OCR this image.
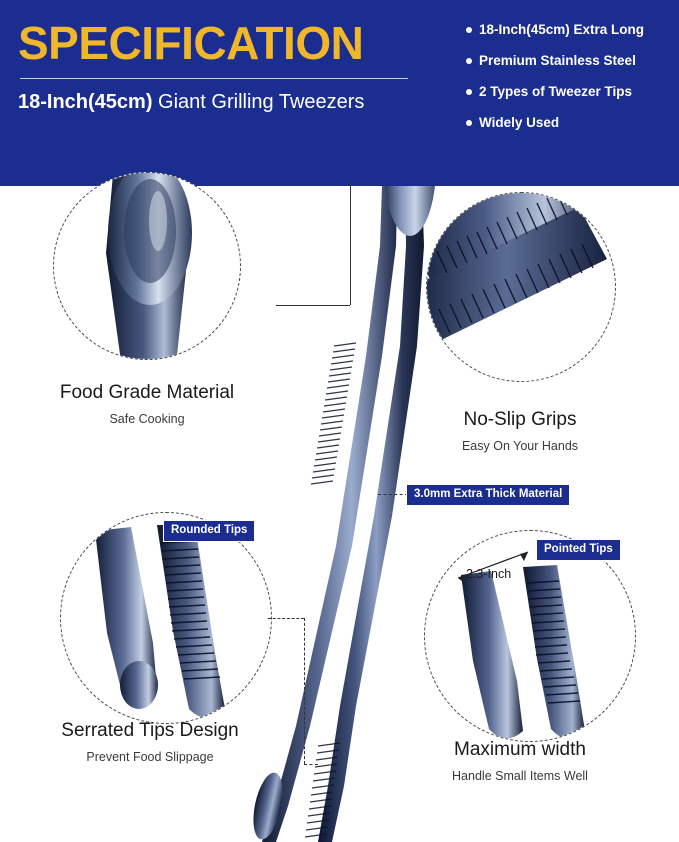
SPECIFICATION
18-Inch(45cm) Giant Grilling Tweezers
18-Inch(45cm) Extra Long
Premium Stainless Steel
2 Types of Tweezer Tips
Widely Used
Food Grade Material
Safe Cooking	No-Slip Grips
Easy On Your Hands
3.0mm Extra Thick Material
Rounded Tips
Serrated Tips Design
Prevent Food Slippage
2.3-Inch
Pointed Tips
Maximum width
Handle Small Items Well
